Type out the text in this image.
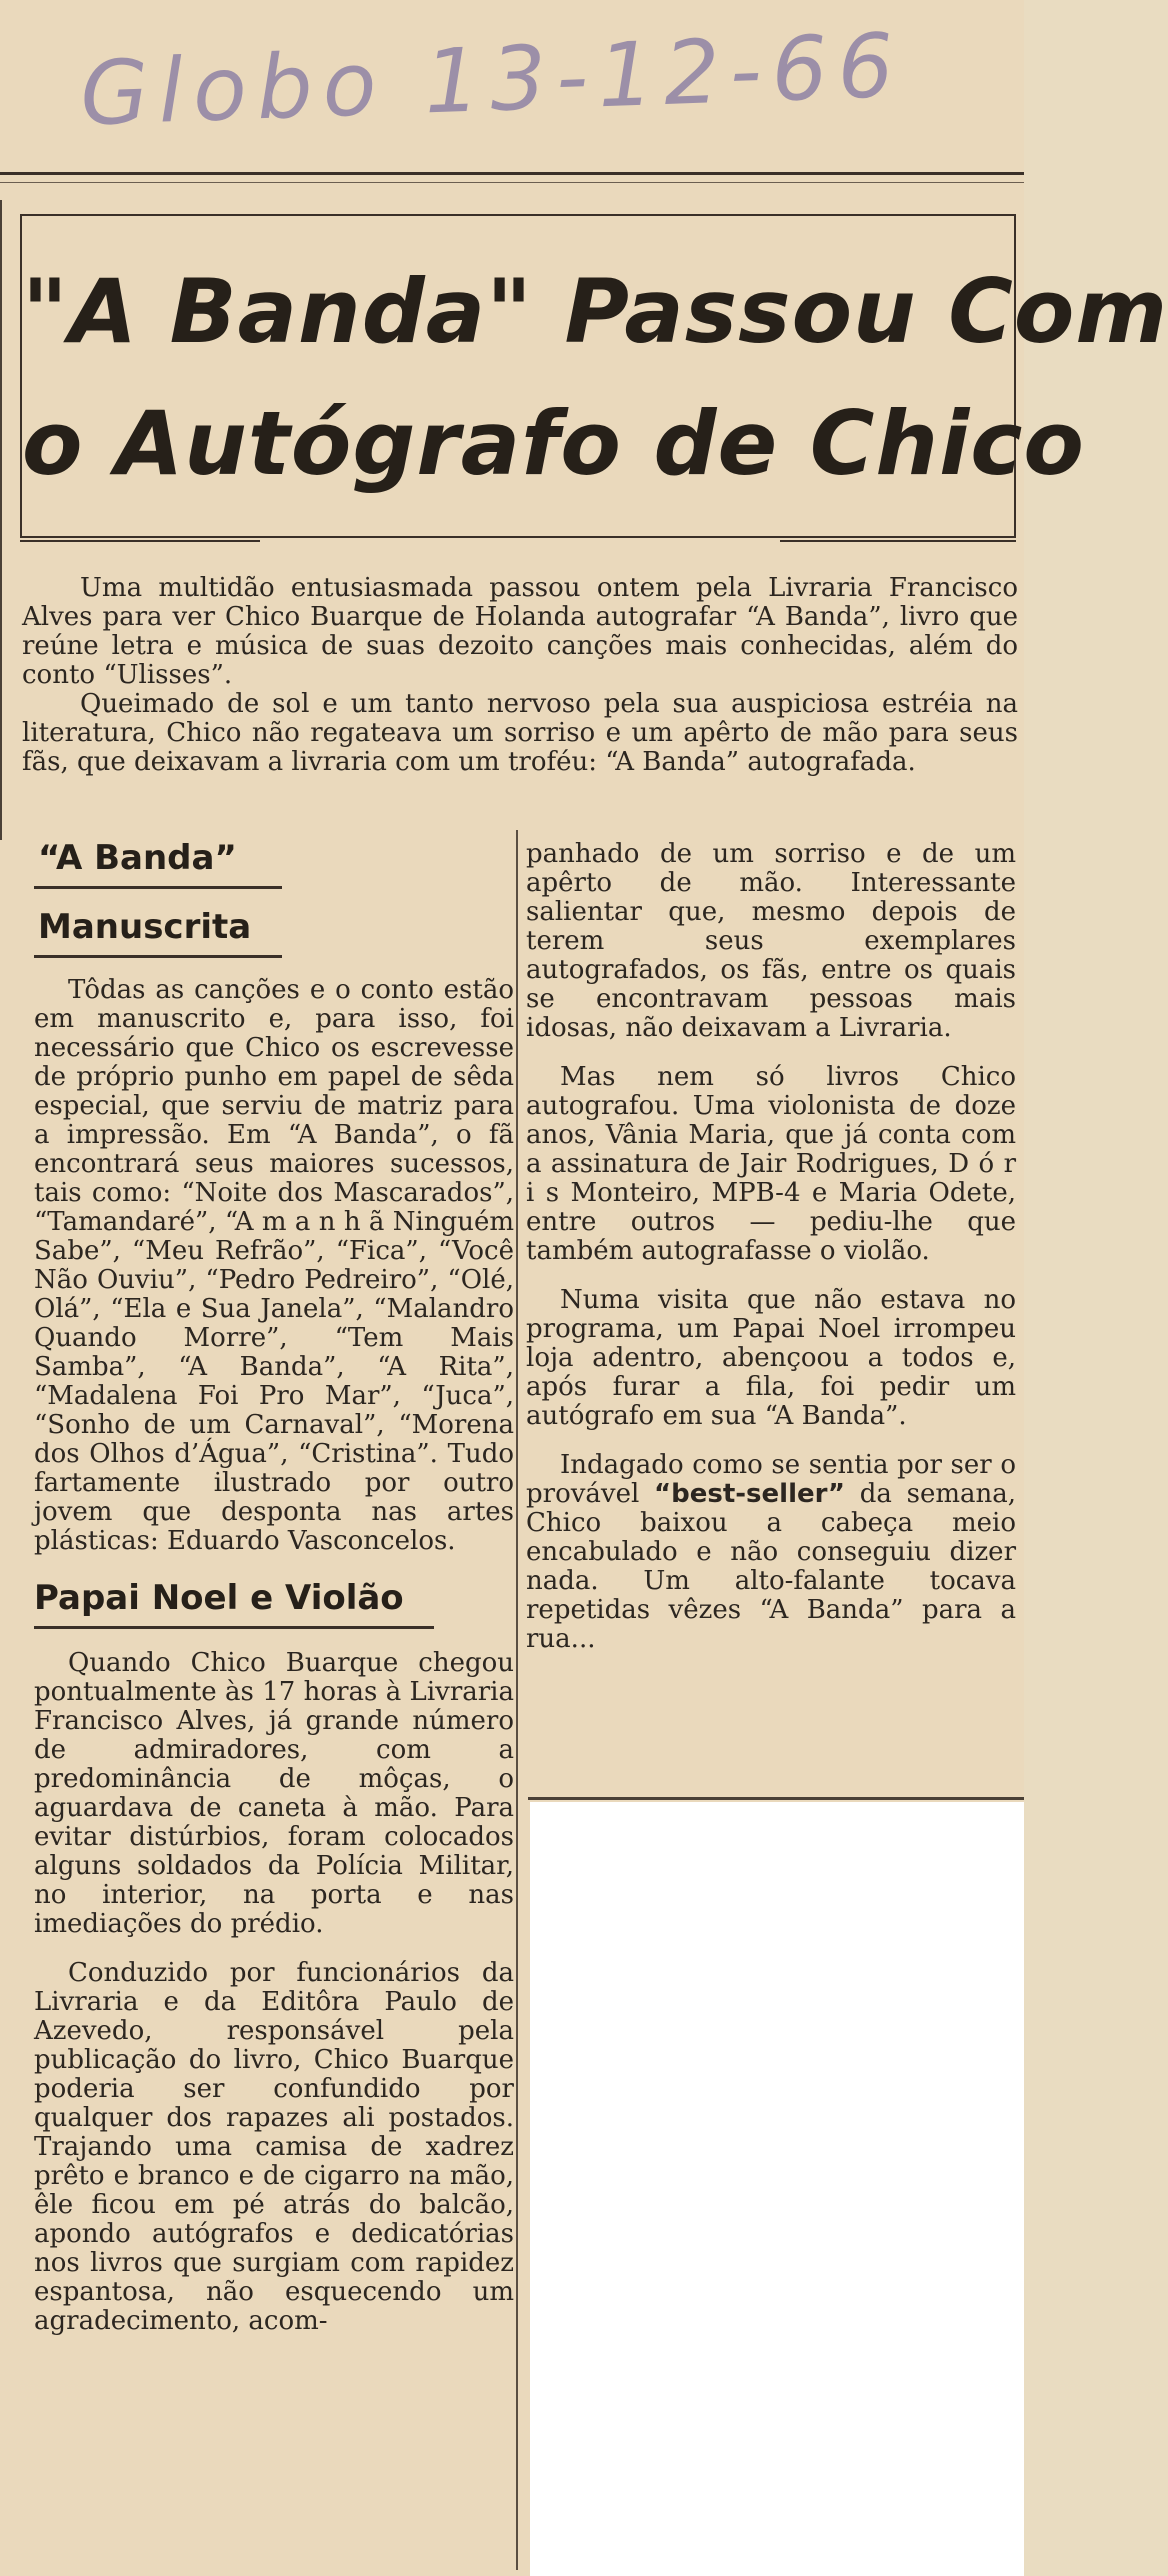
Globo 13-12-66
"A Banda" Passou Com
o Autógrafo de Chico

Uma multidão entusiasmada passou ontem pela Livraria Francisco Alves para ver Chico Buarque de Holanda autografar “A Banda”, livro que reúne letra e música de suas dezoito canções mais conhecidas, além do conto “Ulisses”.

Queimado de sol e um tanto nervoso pela sua auspiciosa estréia na literatura, Chico não regateava um sorriso e um apêrto de mão para seus fãs, que deixavam a livraria com um troféu: “A Banda” autografada.

“A Banda”
Manuscrita

Tôdas as canções e o conto estão em manuscrito e, para isso, foi necessário que Chico os escrevesse de próprio punho em papel de sêda especial, que serviu de matriz para a impressão. Em “A Banda”, o fã encontrará seus maiores sucessos, tais como: “Noite dos Mascarados”, “Tamandaré”, “A m a n h ã Ninguém Sabe”, “Meu Refrão”, “Fica”, “Você Não Ouviu”, “Pedro Pedreiro”, “Olé, Olá”, “Ela e Sua Janela”, “Malandro Quando Morre”, “Tem Mais Samba”, “A Banda”, “A Rita”, “Madalena Foi Pro Mar”, “Juca”, “Sonho de um Carnaval”, “Morena dos Olhos d’Água”, “Cristina”. Tudo fartamente ilustrado por outro jovem que desponta nas artes plásticas: Eduardo Vasconcelos.

Papai Noel e Violão

Quando Chico Buarque chegou pontualmente às 17 horas à Livraria Francisco Alves, já grande número de admiradores, com a predominância de môças, o aguardava de caneta à mão. Para evitar distúrbios, foram colocados alguns soldados da Polícia Militar, no interior, na porta e nas imediações do prédio.

Conduzido por funcionários da Livraria e da Editôra Paulo de Azevedo, responsável pela publicação do livro, Chico Buarque poderia ser confundido por qualquer dos rapazes ali postados. Trajando uma camisa de xadrez prêto e branco e de cigarro na mão, êle ficou em pé atrás do balcão, apondo autógrafos e dedicatórias nos livros que surgiam com rapidez espantosa, não esquecendo um agradecimento, acom-

panhado de um sorriso e de um apêrto de mão. Interessante salientar que, mesmo depois de terem seus exemplares autografados, os fãs, entre os quais se encontravam pessoas mais idosas, não deixavam a Livraria.

Mas nem só livros Chico autografou. Uma violonista de doze anos, Vânia Maria, que já conta com a assinatura de Jair Rodrigues, D ó r i s Monteiro, MPB-4 e Maria Odete, entre outros — pediu-lhe que também autografasse o violão.

Numa visita que não estava no programa, um Papai Noel irrompeu loja adentro, abençoou a todos e, após furar a fila, foi pedir um autógrafo em sua “A Banda”.

Indagado como se sentia por ser o provável “best-seller” da semana, Chico baixou a cabeça meio encabulado e não conseguiu dizer nada. Um alto-falante tocava repetidas vêzes “A Banda” para a rua...
